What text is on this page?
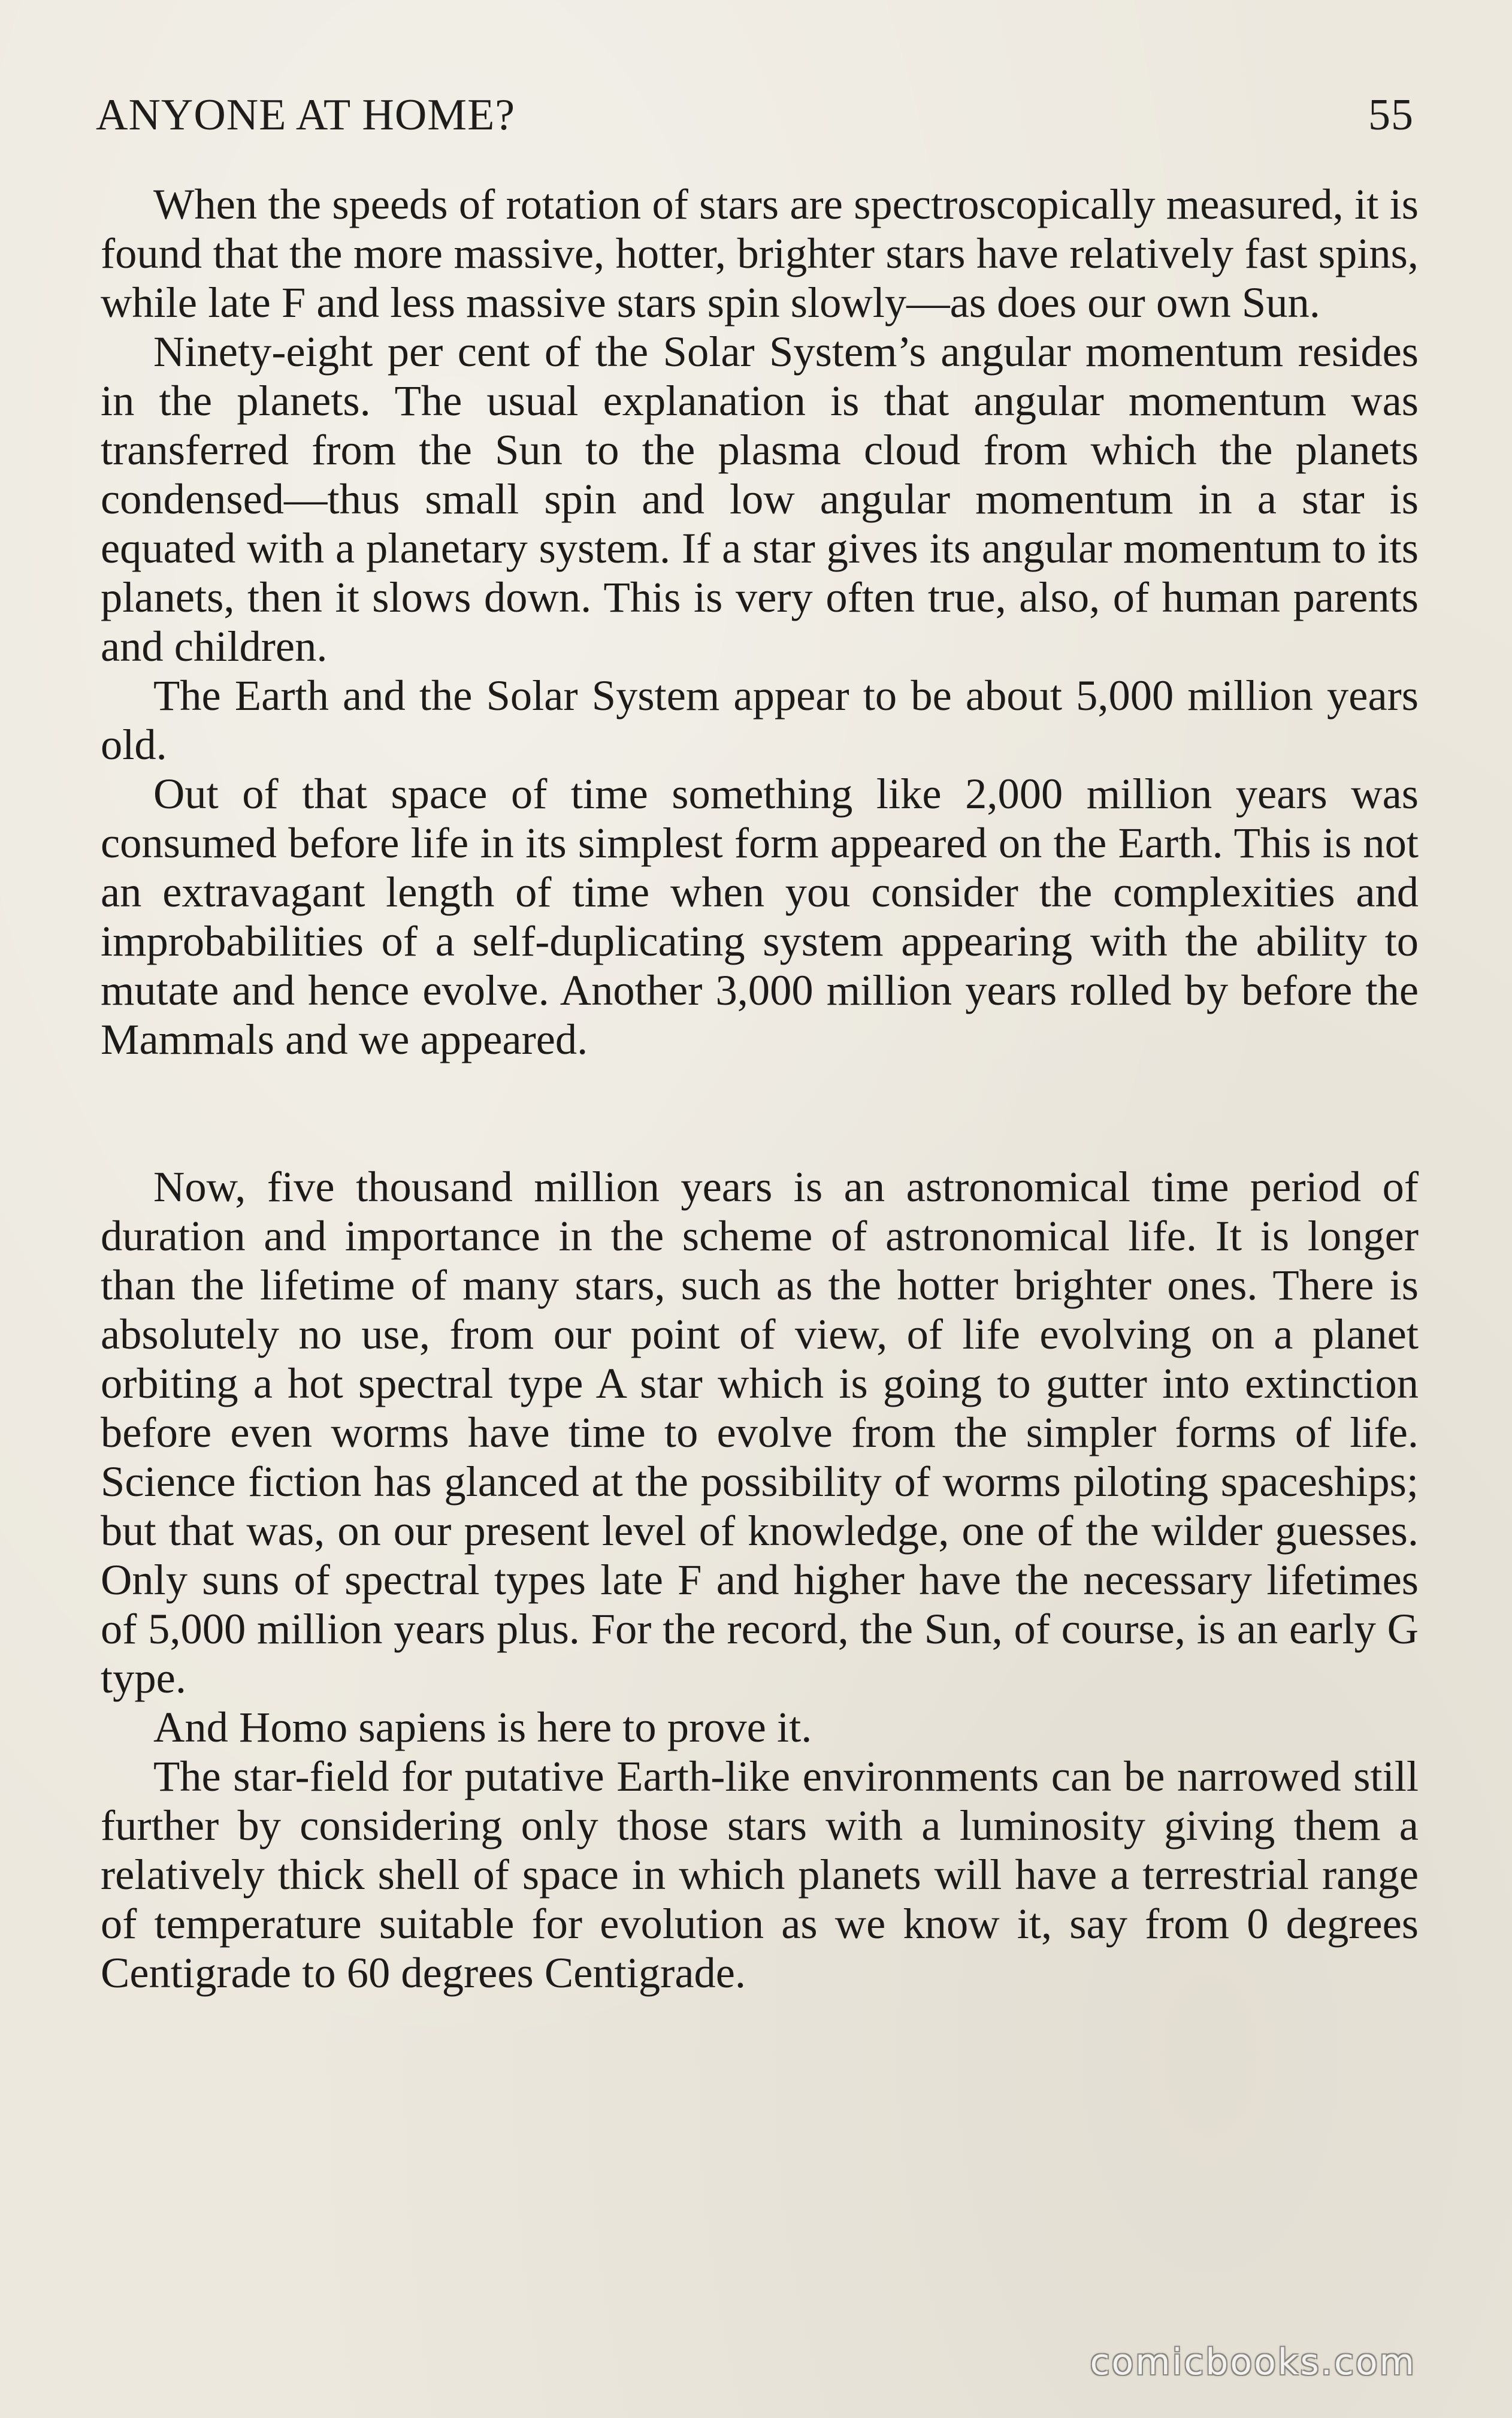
ANYONE AT HOME?	55

When the speeds of rotation of stars are spectroscopically measured, it is found that the more massive, hotter, brighter stars have relatively fast spins, while late F and less massive stars spin slowly—as does our own Sun.

Ninety-eight per cent of the Solar System’s angular momentum resides in the planets. The usual explanation is that angular momentum was transferred from the Sun to the plasma cloud from which the planets condensed—thus small spin and low angular momentum in a star is equated with a planetary system. If a star gives its angular momentum to its planets, then it slows down. This is very often true, also, of human parents and children.

The Earth and the Solar System appear to be about 5,000 million years old.

Out of that space of time something like 2,000 million years was consumed before life in its simplest form appeared on the Earth. This is not an extravagant length of time when you consider the complexities and improbabilities of a self-duplicating system appearing with the ability to mutate and hence evolve. Another 3,000 million years rolled by before the Mammals and we appeared.

Now, five thousand million years is an astronomical time period of duration and importance in the scheme of astronomical life. It is longer than the lifetime of many stars, such as the hotter brighter ones. There is absolutely no use, from our point of view, of life evolving on a planet orbiting a hot spectral type A star which is going to gutter into extinction before even worms have time to evolve from the simpler forms of life. Science fiction has glanced at the possibility of worms piloting spaceships; but that was, on our present level of knowledge, one of the wilder guesses. Only suns of spectral types late F and higher have the necessary lifetimes of 5,000 million years plus. For the record, the Sun, of course, is an early G type.

And Homo sapiens is here to prove it.

The star-field for putative Earth-like environments can be narrowed still further by considering only those stars with a luminosity giving them a relatively thick shell of space in which planets will have a terrestrial range of temperature suitable for evolution as we know it, say from 0 degrees Centigrade to 60 degrees Centigrade.

comicbooks.com
